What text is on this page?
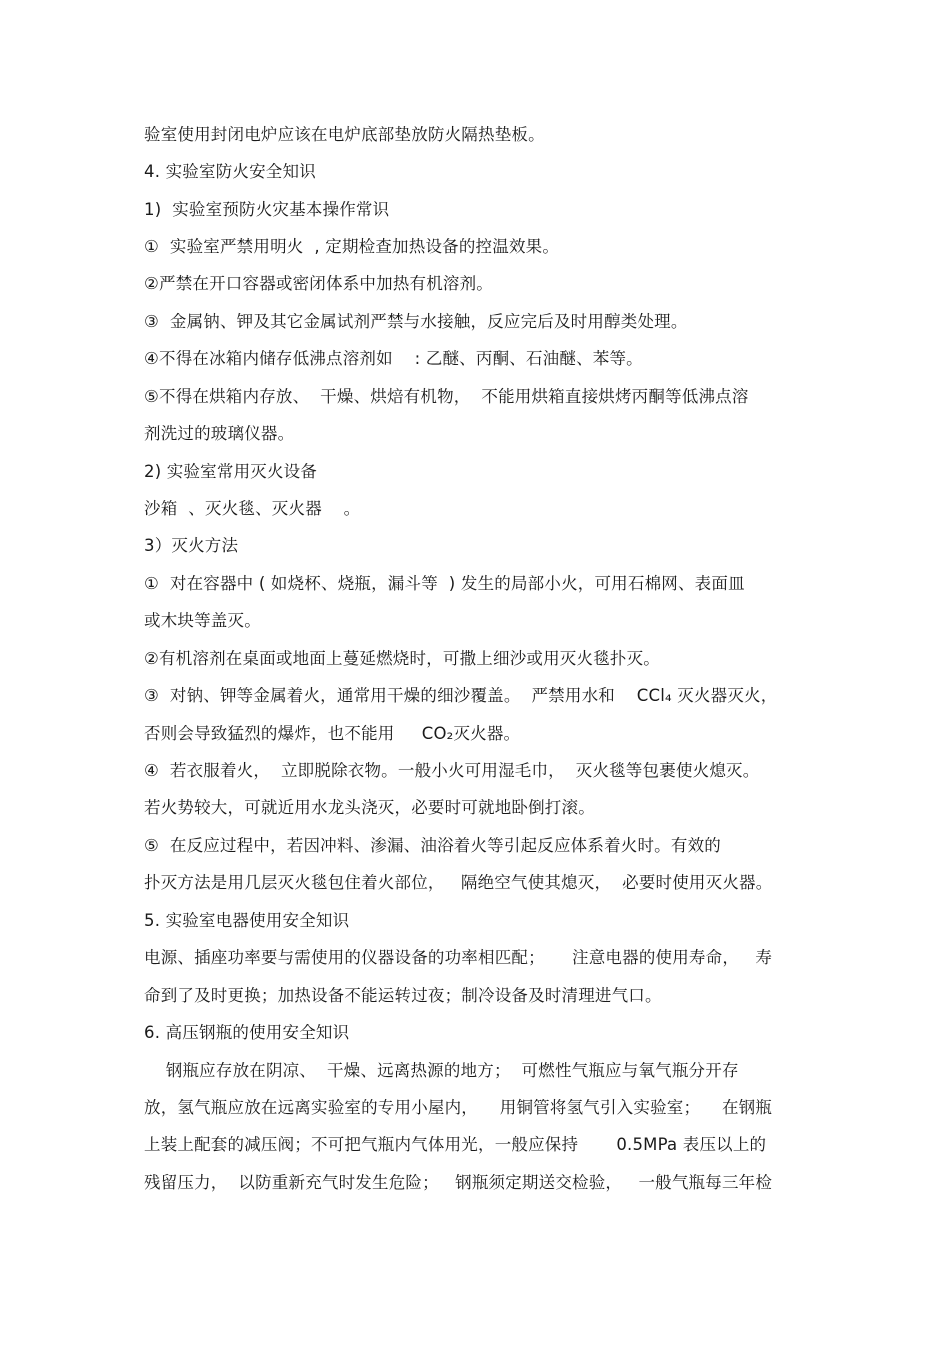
验室使用封闭电炉应该在电炉底部垫放防火隔热垫板。
4. 实验室防火安全知识
1)  实验室预防火灾基本操作常识
①  实验室严禁用明火  , 定期检查加热设备的控温效果。
②严禁在开口容器或密闭体系中加热有机溶剂。
③  金属钠、钾及其它金属试剂严禁与水接触，反应完后及时用醇类处理。
④不得在冰箱内储存低沸点溶剂如    : 乙醚、丙酮、石油醚、苯等。
⑤不得在烘箱内存放、  干燥、烘焙有机物，  不能用烘箱直接烘烤丙酮等低沸点溶
剂洗过的玻璃仪器。
2) 实验室常用灭火设备
沙箱  、灭火毯、灭火器    。
3）灭火方法
①  对在容器中 ( 如烧杯、烧瓶，漏斗等  ) 发生的局部小火，可用石棉网、表面皿
或木块等盖灭。
②有机溶剂在桌面或地面上蔓延燃烧时，可撒上细沙或用灭火毯扑灭。
③  对钠、钾等金属着火，通常用干燥的细沙覆盖。  严禁用水和    CCl₄ 灭火器灭火，
否则会导致猛烈的爆炸，也不能用     CO₂灭火器。
④  若衣服着火，  立即脱除衣物。一般小火可用湿毛巾，  灭火毯等包裹使火熄灭。
若火势较大，可就近用水龙头浇灭，必要时可就地卧倒打滚。
⑤  在反应过程中，若因冲料、渗漏、油浴着火等引起反应体系着火时。有效的
扑灭方法是用几层灭火毯包住着火部位，   隔绝空气使其熄灭，  必要时使用灭火器。
5. 实验室电器使用安全知识
电源、插座功率要与需使用的仪器设备的功率相匹配；     注意电器的使用寿命，   寿
命到了及时更换；加热设备不能运转过夜；制冷设备及时清理进气口。
6. 高压钢瓶的使用安全知识
钢瓶应存放在阴凉、  干燥、远离热源的地方；  可燃性气瓶应与氧气瓶分开存
放，氢气瓶应放在远离实验室的专用小屋内，    用铜管将氢气引入实验室；    在钢瓶
上装上配套的减压阀；不可把气瓶内气体用光，一般应保持       0.5MPa 表压以上的
残留压力，  以防重新充气时发生危险；   钢瓶须定期送交检验，   一般气瓶每三年检
